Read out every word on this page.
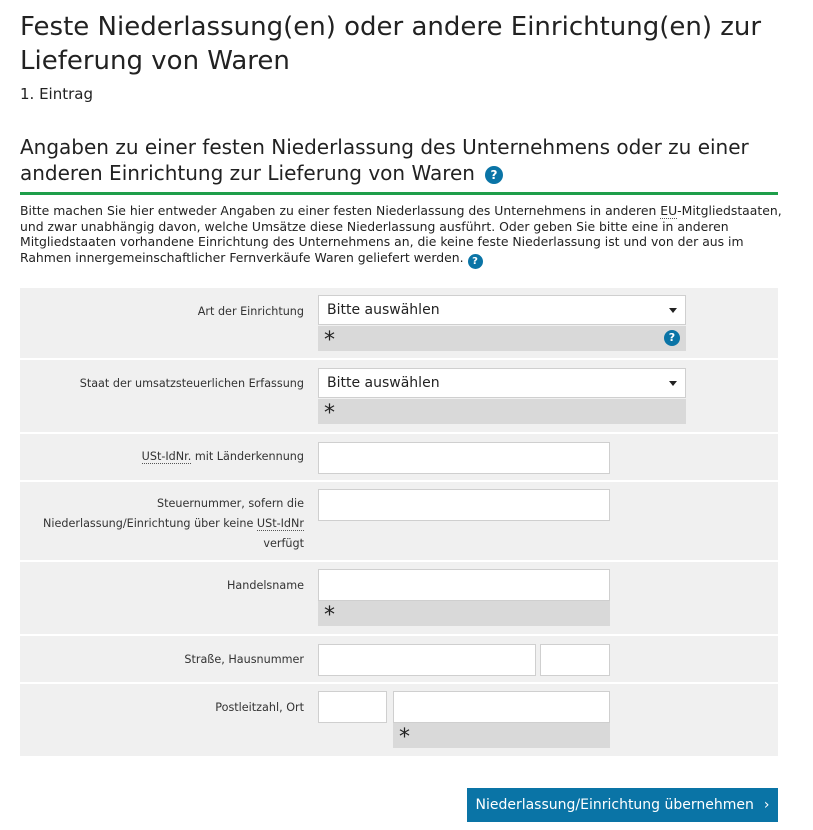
Feste Niederlassung(en) oder andere Einrichtung(en) zur Lieferung von Waren
1. Eintrag
Angaben zu einer festen Niederlassung des Unternehmens oder zu einer anderen Einrichtung zur Lieferung von Waren ?
Bitte machen Sie hier entweder Angaben zu einer festen Niederlassung des Unternehmens in anderen EU-Mitgliedstaaten, und zwar unabhängig davon, welche Umsätze diese Niederlassung ausführt. Oder geben Sie bitte eine in anderen Mitgliedstaaten vorhandene Einrichtung des Unternehmens an, die keine feste Niederlassung ist und von der aus im Rahmen innergemeinschaftlicher Fernverkäufe Waren geliefert werden. ?
Art der Einrichtung	Bitte auswählen
*	?
Staat der umsatzsteuerlichen Erfassung	Bitte auswählen
*
USt-IdNr. mit Länderkennung
Steuernummer, sofern die Niederlassung/Einrichtung über keine USt-IdNr verfügt
Handelsname
*
Straße, Hausnummer
Postleitzahl, Ort
*
Niederlassung/Einrichtung übernehmen ›
